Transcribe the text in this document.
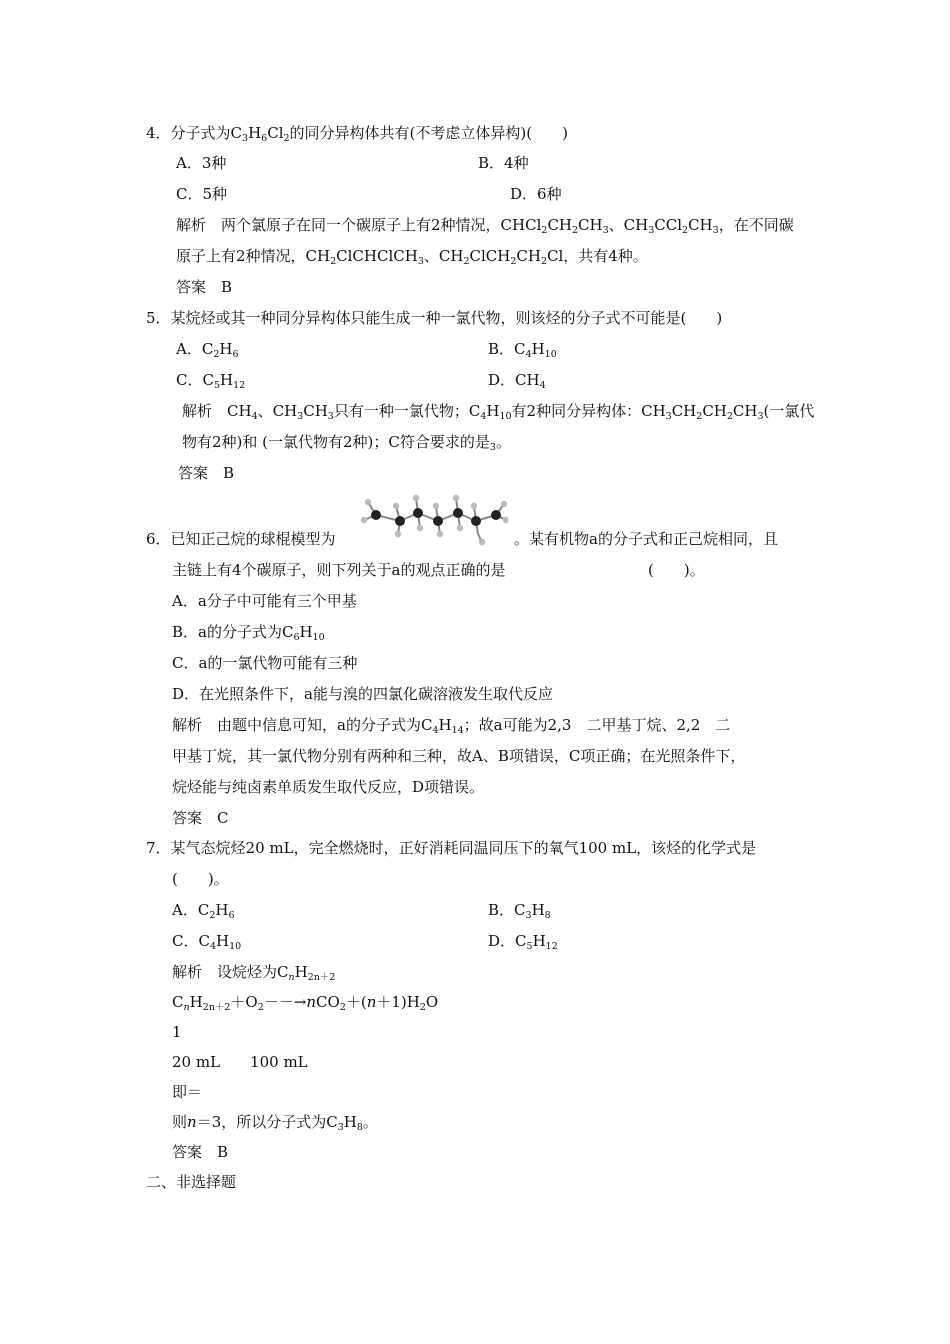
4．分子式为$C_3H_6Cl_2$的同分异构体共有(不考虑立体异构)(　　)
A．3种	B．4种
C．5种	D．6种
解析　两个氯原子在同一个碳原子上有2种情况，$CHCl_2CH_2CH_3$、$CH_3CCl_2CH_3$，在不同碳
原子上有2种情况，$CH_2ClCHClCH_3$、$CH_2ClCH_2CH_2Cl$，共有4种。
答案　B
5．某烷烃或其一种同分异构体只能生成一种一氯代物，则该烃的分子式不可能是(　　)
A．$C_2H_6$	B．$C_4H_{10}$
C．$C_5H_{12}$	D．$CH_4$
解析　$CH_4$、$CH_3CH_3$只有一种一氯代物；$C_4H_{10}$有2种同分异构体：$CH_3CH_2CH_2CH_3$(一氯代
物有2种)和 (一氯代物有2种)；C符合要求的是$_3$。
答案　B
6．已知正己烷的球棍模型为	。某有机物a的分子式和正己烷相同，且
主链上有4个碳原子，则下列关于a的观点正确的是	(　　)。
A．a分子中可能有三个甲基
B．a的分子式为$C_6H_{10}$
C．a的一氯代物可能有三种
D．在光照条件下，a能与溴的四氯化碳溶液发生取代反应
解析　由题中信息可知，a的分子式为$C_4H_{14}$；故a可能为2,3　二甲基丁烷、2,2　二
甲基丁烷，其一氯代物分别有两种和三种，故A、B项错误，C项正确；在光照条件下，
烷烃能与纯卤素单质发生取代反应，D项错误。
答案　C
7．某气态烷烃20 mL，完全燃烧时，正好消耗同温同压下的氧气100 mL，该烃的化学式是
(　　)。
A．$C_2H_6$	B．$C_3H_8$
C．$C_4H_{10}$	D．$C_5H_{12}$
解析　设烷烃为$C_nH_{2n+2}$
$C_nH_{2n+2}+O_2--\to nCO_2+(n+1)H_2O$
1
20 mL　　100 mL
即＝
则n＝3，所以分子式为$C_3H_8$。
答案　B
二、非选择题
